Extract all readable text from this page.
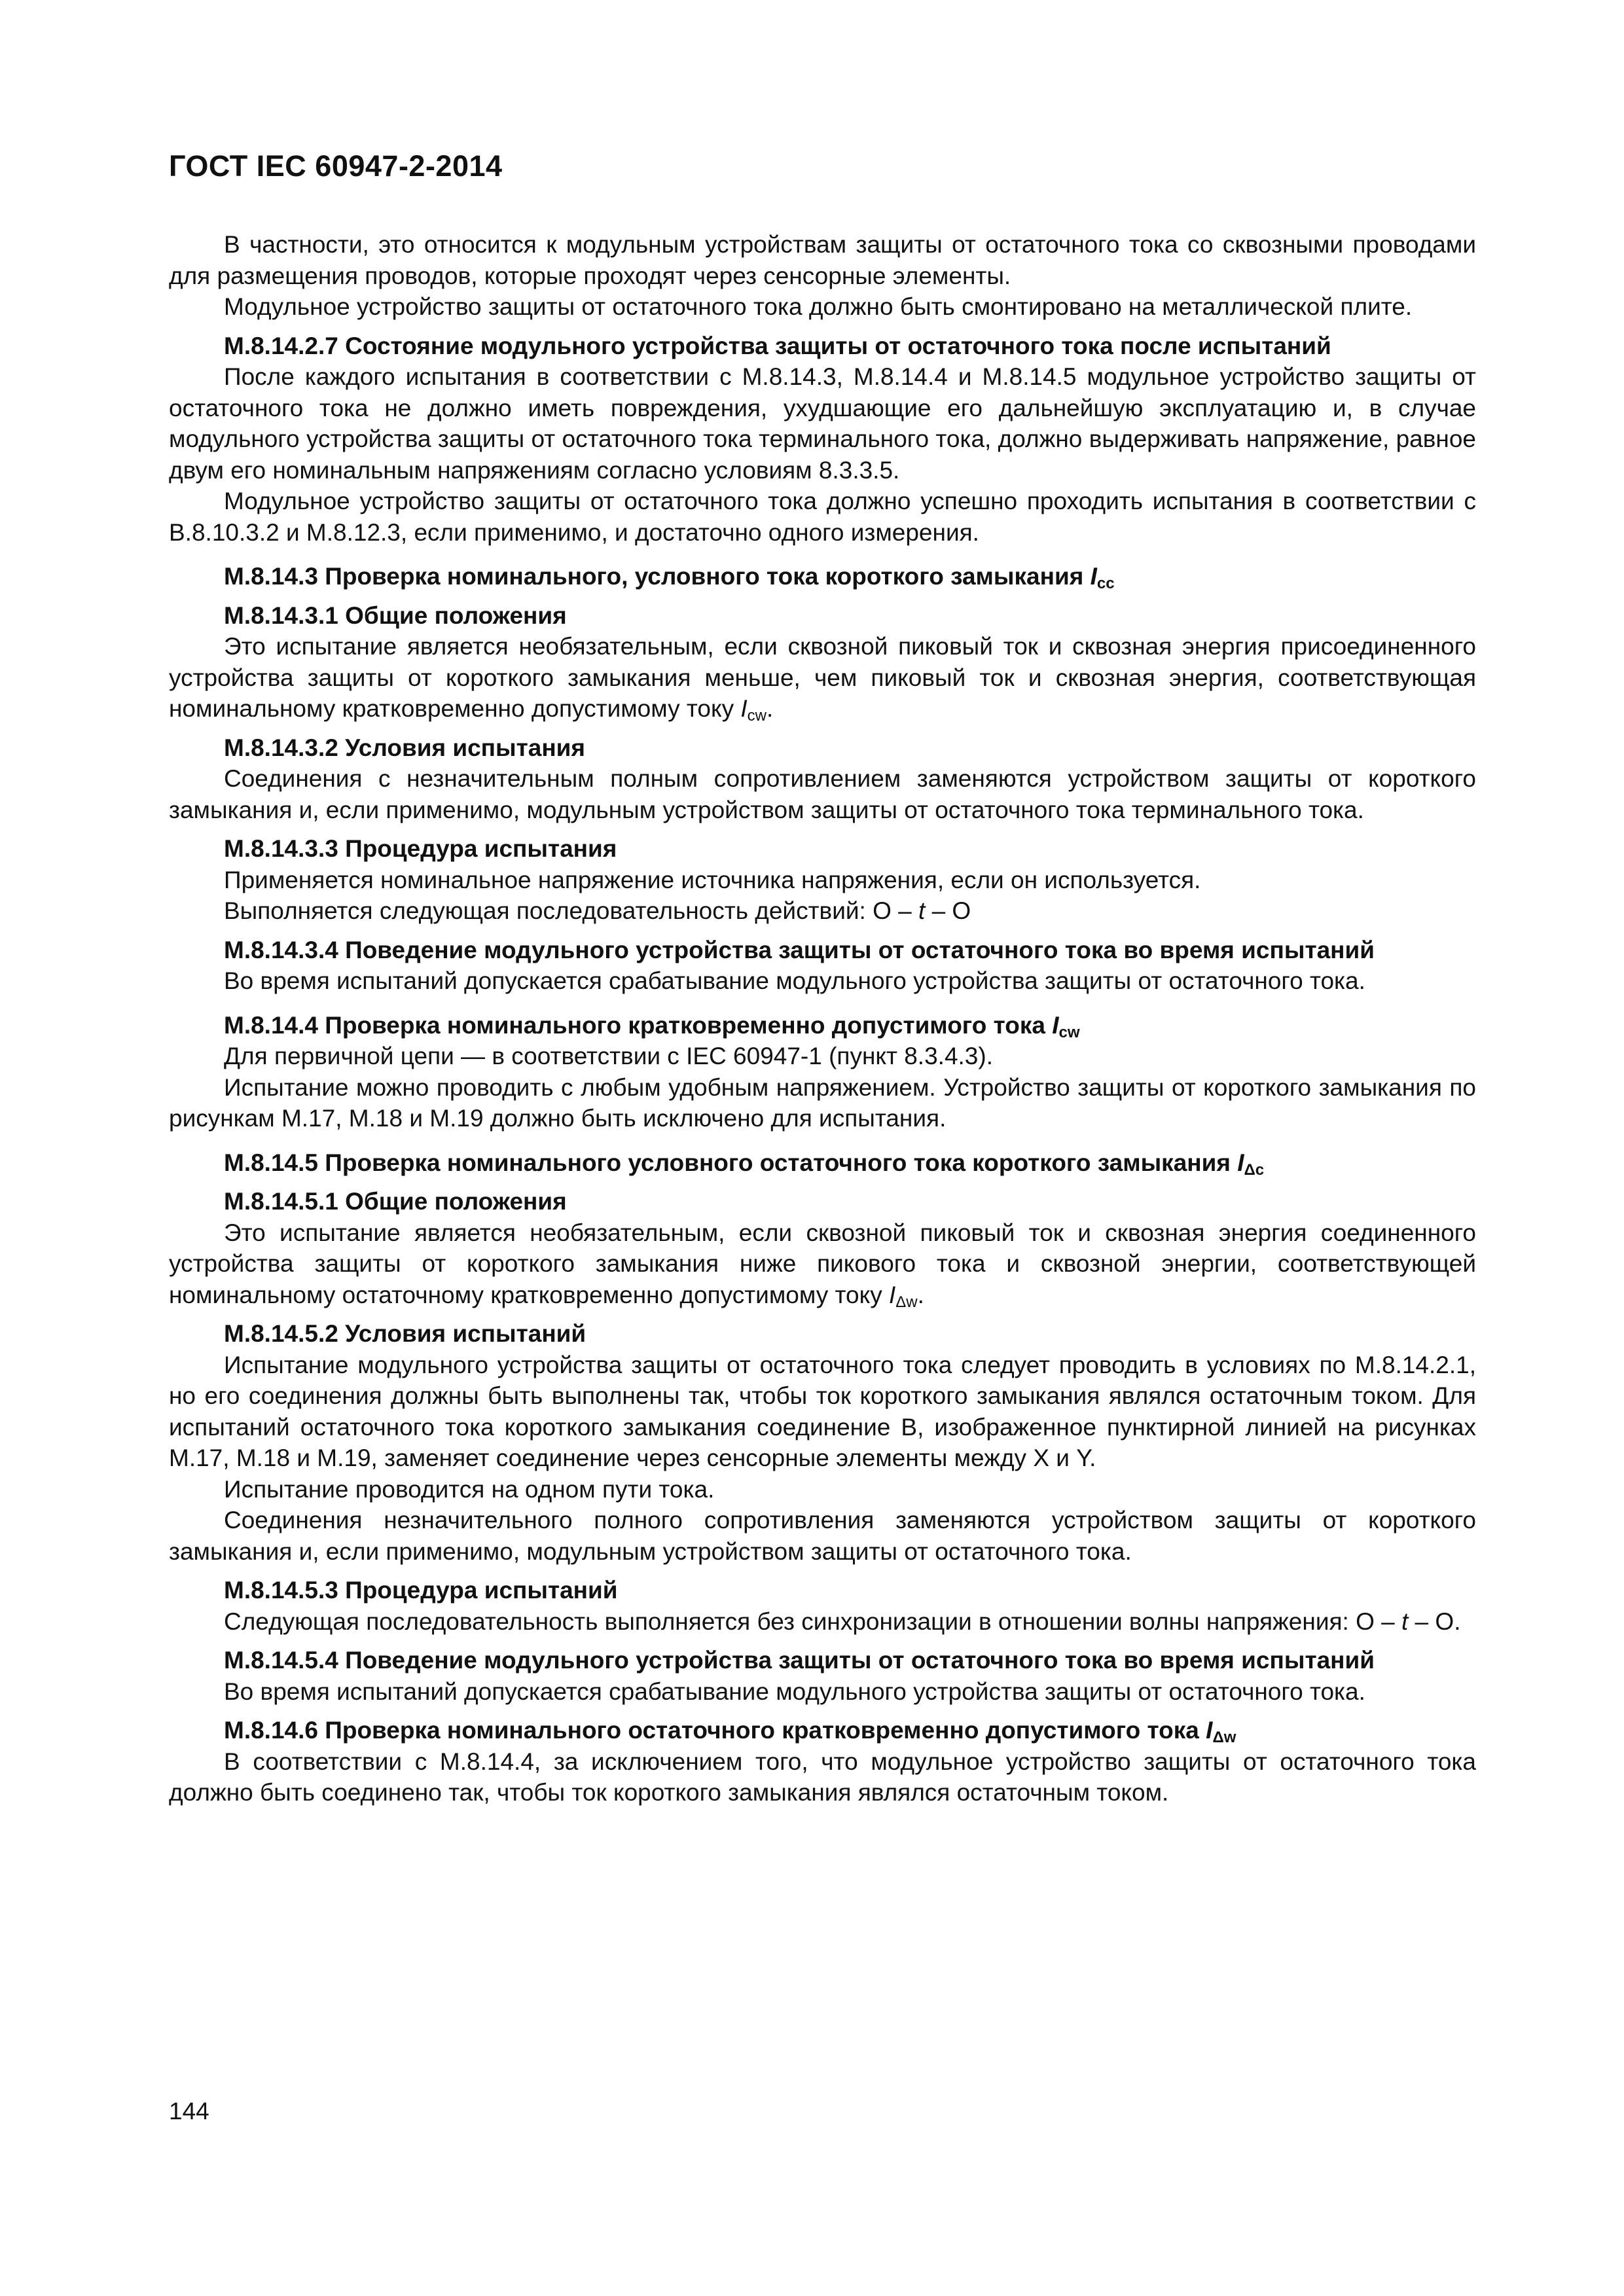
ГОСТ IEC 60947-2-2014

В частности, это относится к модульным устройствам защиты от остаточного тока со сквозными проводами для размещения проводов, которые проходят через сенсорные элементы.

Модульное устройство защиты от остаточного тока должно быть смонтировано на металлической плите.

M.8.14.2.7 Состояние модульного устройства защиты от остаточного тока после испытаний

После каждого испытания в соответствии с M.8.14.3, M.8.14.4 и M.8.14.5 модульное устройство защиты от остаточного тока не должно иметь повреждения, ухудшающие его дальнейшую эксплуатацию и, в случае модульного устройства защиты от остаточного тока терминального тока, должно выдерживать напряжение, равное двум его номинальным напряжениям согласно условиям 8.3.3.5.

Модульное устройство защиты от остаточного тока должно успешно проходить испытания в соответствии с B.8.10.3.2 и M.8.12.3, если применимо, и достаточно одного измерения.

M.8.14.3 Проверка номинального, условного тока короткого замыкания $I_{cc}$

M.8.14.3.1 Общие положения

Это испытание является необязательным, если сквозной пиковый ток и сквозная энергия присоединенного устройства защиты от короткого замыкания меньше, чем пиковый ток и сквозная энергия, соответствующая номинальному кратковременно допустимому току $I_{cw}$.

M.8.14.3.2 Условия испытания

Соединения с незначительным полным сопротивлением заменяются устройством защиты от короткого замыкания и, если применимо, модульным устройством защиты от остаточного тока терминального тока.

M.8.14.3.3 Процедура испытания

Применяется номинальное напряжение источника напряжения, если он используется.

Выполняется следующая последовательность действий: O – t – O

M.8.14.3.4 Поведение модульного устройства защиты от остаточного тока во время испытаний

Во время испытаний допускается срабатывание модульного устройства защиты от остаточного тока.

M.8.14.4 Проверка номинального кратковременно допустимого тока $I_{cw}$

Для первичной цепи — в соответствии с IEC 60947-1 (пункт 8.3.4.3).

Испытание можно проводить с любым удобным напряжением. Устройство защиты от короткого замыкания по рисункам M.17, M.18 и M.19 должно быть исключено для испытания.

M.8.14.5 Проверка номинального условного остаточного тока короткого замыкания $I_{\Delta c}$

M.8.14.5.1 Общие положения

Это испытание является необязательным, если сквозной пиковый ток и сквозная энергия соединенного устройства защиты от короткого замыкания ниже пикового тока и сквозной энергии, соответствующей номинальному остаточному кратковременно допустимому току $I_{\Delta w}$.

M.8.14.5.2 Условия испытаний

Испытание модульного устройства защиты от остаточного тока следует проводить в условиях по M.8.14.2.1, но его соединения должны быть выполнены так, чтобы ток короткого замыкания являлся остаточным током. Для испытаний остаточного тока короткого замыкания соединение B, изображенное пунктирной линией на рисунках M.17, M.18 и M.19, заменяет соединение через сенсорные элементы между X и Y.

Испытание проводится на одном пути тока.

Соединения незначительного полного сопротивления заменяются устройством защиты от короткого замыкания и, если применимо, модульным устройством защиты от остаточного тока.

M.8.14.5.3 Процедура испытаний

Следующая последовательность выполняется без синхронизации в отношении волны напряжения: O – t – O.

M.8.14.5.4 Поведение модульного устройства защиты от остаточного тока во время испытаний

Во время испытаний допускается срабатывание модульного устройства защиты от остаточного тока.

M.8.14.6 Проверка номинального остаточного кратковременно допустимого тока $I_{\Delta w}$

В соответствии с M.8.14.4, за исключением того, что модульное устройство защиты от остаточного тока должно быть соединено так, чтобы ток короткого замыкания являлся остаточным током.

144
